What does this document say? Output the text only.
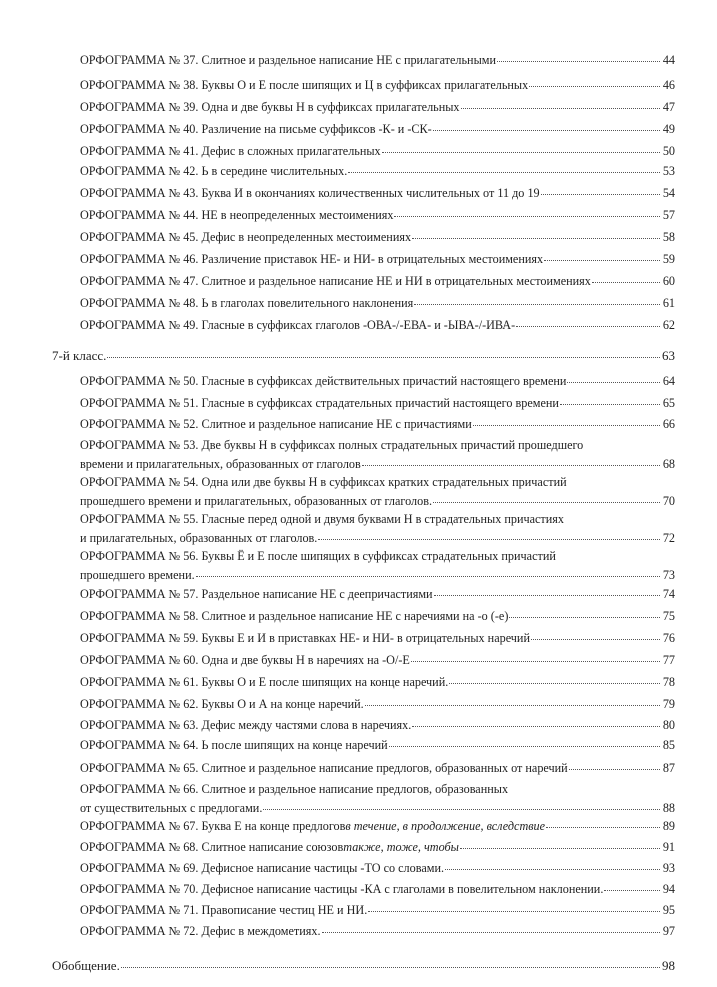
ОРФОГРАММА № 37. Слитное и раздельное написание НЕ с прилагательными	44
ОРФОГРАММА № 38. Буквы О и Е после шипящих и Ц в суффиксах прилагательных	46
ОРФОГРАММА № 39. Одна и две буквы Н в суффиксах прилагательных	47
ОРФОГРАММА № 40. Различение на письме суффиксов -К- и -СК-	49
ОРФОГРАММА № 41. Дефис в сложных прилагательных	50
ОРФОГРАММА № 42. Ь в середине числительных.	53
ОРФОГРАММА № 43. Буква И в окончаниях количественных числительных от 11 до 19	54
ОРФОГРАММА № 44. НЕ в неопределенных местоимениях	57
ОРФОГРАММА № 45. Дефис в неопределенных местоимениях	58
ОРФОГРАММА № 46. Различение приставок НЕ- и НИ- в отрицательных местоимениях	59
ОРФОГРАММА № 47. Слитное и раздельное написание НЕ и НИ в отрицательных местоимениях	60
ОРФОГРАММА № 48. Ь в глаголах повелительного наклонения	61
ОРФОГРАММА № 49. Гласные в суффиксах глаголов -ОВА-/-ЕВА- и -ЫВА-/-ИВА-	62
7-й класс.	63
ОРФОГРАММА № 50. Гласные в суффиксах действительных причастий настоящего времени	64
ОРФОГРАММА № 51. Гласные в суффиксах страдательных причастий настоящего времени	65
ОРФОГРАММА № 52. Слитное и раздельное написание НЕ с причастиями	66
ОРФОГРАММА № 53. Две буквы Н в суффиксах полных страдательных причастий прошедшего
времени и прилагательных, образованных от глаголов	68
ОРФОГРАММА № 54. Одна или две буквы Н в суффиксах кратких страдательных причастий
прошедшего времени и прилагательных, образованных от глаголов.	70
ОРФОГРАММА № 55. Гласные перед одной и двумя буквами Н в страдательных причастиях
и прилагательных, образованных от глаголов.	72
ОРФОГРАММА № 56. Буквы Ё и Е после шипящих в суффиксах страдательных причастий
прошедшего времени.	73
ОРФОГРАММА № 57. Раздельное написание НЕ с деепричастиями	74
ОРФОГРАММА № 58. Слитное и раздельное написание НЕ с наречиями на -о (-е)	75
ОРФОГРАММА № 59. Буквы Е и И в приставках НЕ- и НИ- в отрицательных наречий	76
ОРФОГРАММА № 60. Одна и две буквы Н в наречиях на -О/-Е	77
ОРФОГРАММА № 61. Буквы О и Е после шипящих на конце наречий.	78
ОРФОГРАММА № 62. Буквы О и А на конце наречий.	79
ОРФОГРАММА № 63. Дефис между частями слова в наречиях.	80
ОРФОГРАММА № 64. Ь после шипящих на конце наречий	85
ОРФОГРАММА № 65. Слитное и раздельное написание предлогов, образованных от наречий	87
ОРФОГРАММА № 66. Слитное и раздельное написание предлогов, образованных
от существительных с предлогами.	88
ОРФОГРАММА № 67. Буква Е на конце предлогов в течение, в продолжение, вследствие	89
ОРФОГРАММА № 68. Слитное написание союзов также, тоже, чтобы	91
ОРФОГРАММА № 69. Дефисное написание частицы -ТО со словами.	93
ОРФОГРАММА № 70. Дефисное написание частицы -КА с глаголами в повелительном наклонении.	94
ОРФОГРАММА № 71. Правописание честиц НЕ и НИ.	95
ОРФОГРАММА № 72. Дефис в междометиях.	97
Обобщение.	98
